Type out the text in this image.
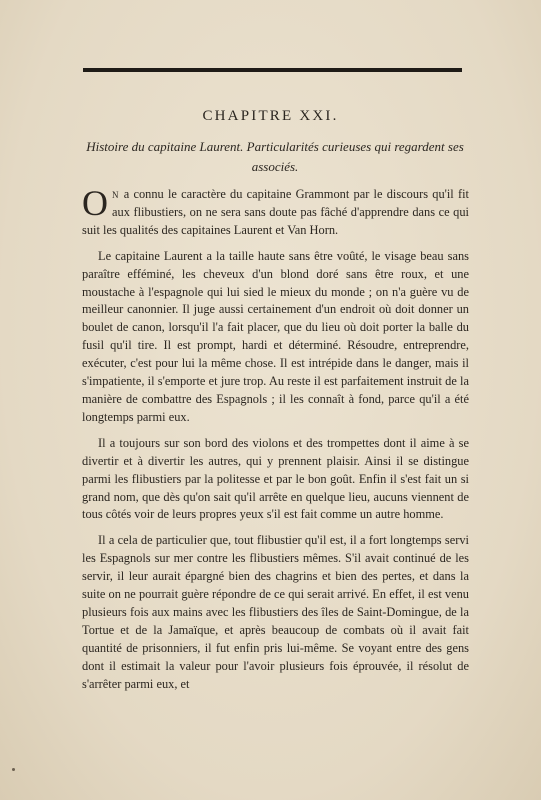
CHAPITRE XXI.
Histoire du capitaine Laurent. Particularités curieuses qui regardent ses associés.

On a connu le caractère du capitaine Grammont par le discours qu'il fit aux flibustiers, on ne sera sans doute pas fâché d'apprendre dans ce qui suit les qualités des capitaines Laurent et Van Horn.

Le capitaine Laurent a la taille haute sans être voûté, le visage beau sans paraître efféminé, les cheveux d'un blond doré sans être roux, et une moustache à l'espagnole qui lui sied le mieux du monde ; on n'a guère vu de meilleur canonnier. Il juge aussi certainement d'un endroit où doit donner un boulet de canon, lorsqu'il l'a fait placer, que du lieu où doit porter la balle du fusil qu'il tire. Il est prompt, hardi et déterminé. Résoudre, entreprendre, exécuter, c'est pour lui la même chose. Il est intrépide dans le danger, mais il s'impatiente, il s'emporte et jure trop. Au reste il est parfaitement instruit de la manière de combattre des Espagnols ; il les connaît à fond, parce qu'il a été longtemps parmi eux.

Il a toujours sur son bord des violons et des trompettes dont il aime à se divertir et à divertir les autres, qui y prennent plaisir. Ainsi il se distingue parmi les flibustiers par la politesse et par le bon goût. Enfin il s'est fait un si grand nom, que dès qu'on sait qu'il arrête en quelque lieu, aucuns viennent de tous côtés voir de leurs propres yeux s'il est fait comme un autre homme.

Il a cela de particulier que, tout flibustier qu'il est, il a fort longtemps servi les Espagnols sur mer contre les flibustiers mêmes. S'il avait continué de les servir, il leur aurait épargné bien des chagrins et bien des pertes, et dans la suite on ne pourrait guère répondre de ce qui serait arrivé. En effet, il est venu plusieurs fois aux mains avec les flibustiers des îles de Saint-Domingue, de la Tortue et de la Jamaïque, et après beaucoup de combats où il avait fait quantité de prisonniers, il fut enfin pris lui-même. Se voyant entre des gens dont il estimait la valeur pour l'avoir plusieurs fois éprouvée, il résolut de s'arrêter parmi eux, et
